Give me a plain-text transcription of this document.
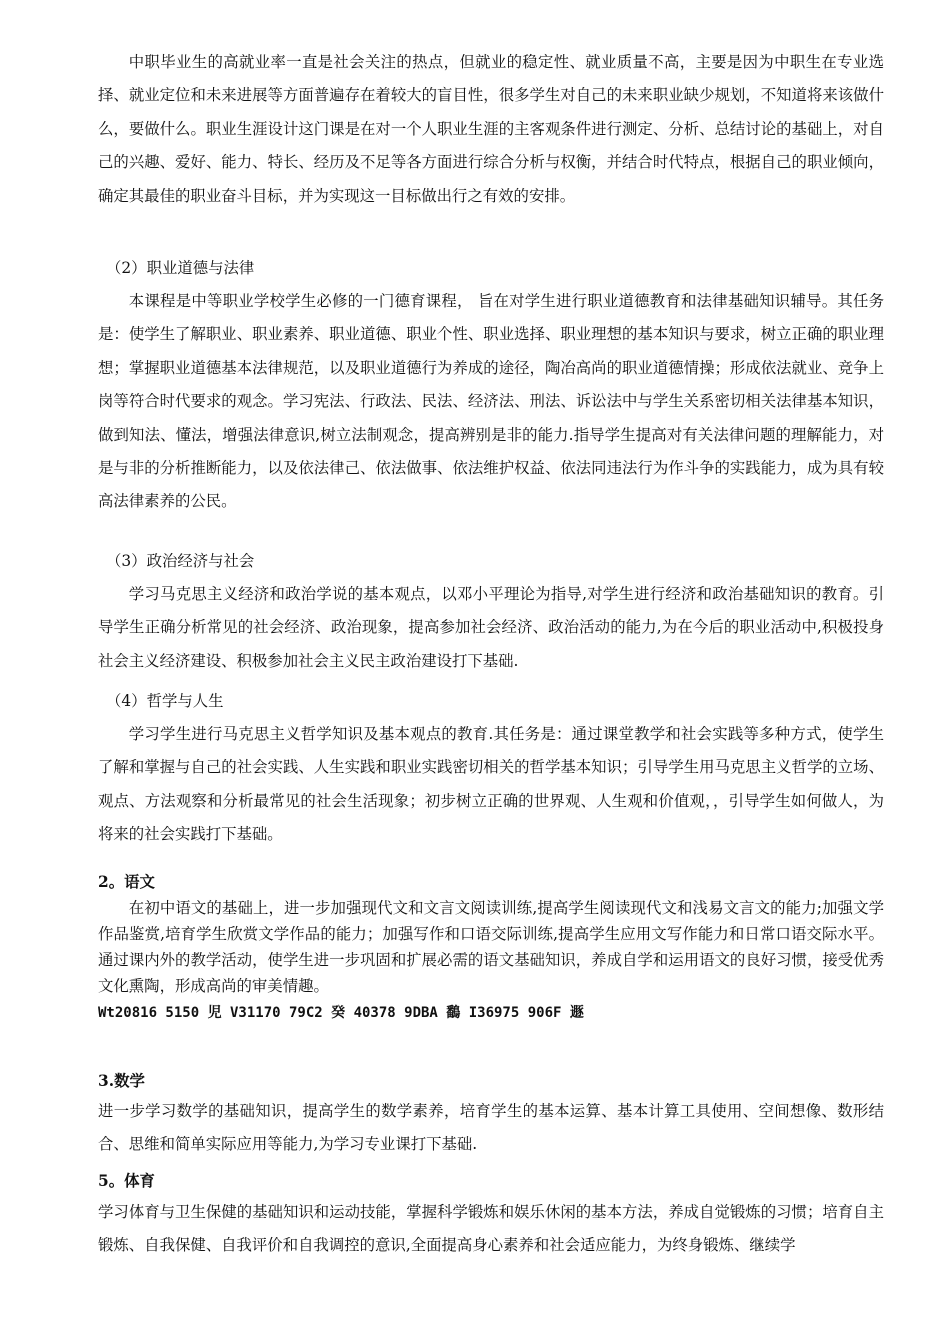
中职毕业生的高就业率一直是社会关注的热点，但就业的稳定性、就业质量不高，主要是因为中职生在专业选择、就业定位和未来进展等方面普遍存在着较大的盲目性，很多学生对自己的未来职业缺少规划，不知道将来该做什么，要做什么。职业生涯设计这门课是在对一个人职业生涯的主客观条件进行测定、分析、总结讨论的基础上，对自己的兴趣、爱好、能力、特长、经历及不足等各方面进行综合分析与权衡，并结合时代特点，根据自己的职业倾向，确定其最佳的职业奋斗目标，并为实现这一目标做出行之有效的安排。

（2）职业道德与法律

本课程是中等职业学校学生必修的一门德育课程， 旨在对学生进行职业道德教育和法律基础知识辅导。其任务是：使学生了解职业、职业素养、职业道德、职业个性、职业选择、职业理想的基本知识与要求，树立正确的职业理想；掌握职业道德基本法律规范，以及职业道德行为养成的途径，陶冶高尚的职业道德情操；形成依法就业、竞争上岗等符合时代要求的观念。学习宪法、行政法、民法、经济法、刑法、诉讼法中与学生关系密切相关法律基本知识，做到知法、懂法，增强法律意识,树立法制观念，提高辨别是非的能力.指导学生提高对有关法律问题的理解能力，对是与非的分析推断能力，以及依法律己、依法做事、依法维护权益、依法同违法行为作斗争的实践能力，成为具有较高法律素养的公民。

（3）政治经济与社会

学习马克思主义经济和政治学说的基本观点，以邓小平理论为指导,对学生进行经济和政治基础知识的教育。引导学生正确分析常见的社会经济、政治现象，提高参加社会经济、政治活动的能力,为在今后的职业活动中,积极投身社会主义经济建设、积极参加社会主义民主政治建设打下基础.

（4）哲学与人生

学习学生进行马克思主义哲学知识及基本观点的教育.其任务是：通过课堂教学和社会实践等多种方式，使学生了解和掌握与自己的社会实践、人生实践和职业实践密切相关的哲学基本知识；引导学生用马克思主义哲学的立场、观点、方法观察和分析最常见的社会生活现象；初步树立正确的世界观、人生观和价值观，，引导学生如何做人，为将来的社会实践打下基础。

2。语文

在初中语文的基础上，进一步加强现代文和文言文阅读训练,提高学生阅读现代文和浅易文言文的能力;加强文学作品鉴赏,培育学生欣赏文学作品的能力；加强写作和口语交际训练,提高学生应用文写作能力和日常口语交际水平。通过课内外的教学活动，使学生进一步巩固和扩展必需的语文基础知识，养成自学和运用语文的良好习惯，接受优秀文化熏陶，形成高尚的审美情趣。

Wt20816 5150 児 V31170 79C2 癸 40378 9DBA 鷭 I36975 906F 遯

3.数学

进一步学习数学的基础知识，提高学生的数学素养，培育学生的基本运算、基本计算工具使用、空间想像、数形结合、思维和简单实际应用等能力,为学习专业课打下基础.

5。体育

学习体育与卫生保健的基础知识和运动技能，掌握科学锻炼和娱乐休闲的基本方法，养成自觉锻炼的习惯；培育自主锻炼、自我保健、自我评价和自我调控的意识,全面提高身心素养和社会适应能力，为终身锻炼、继续学
